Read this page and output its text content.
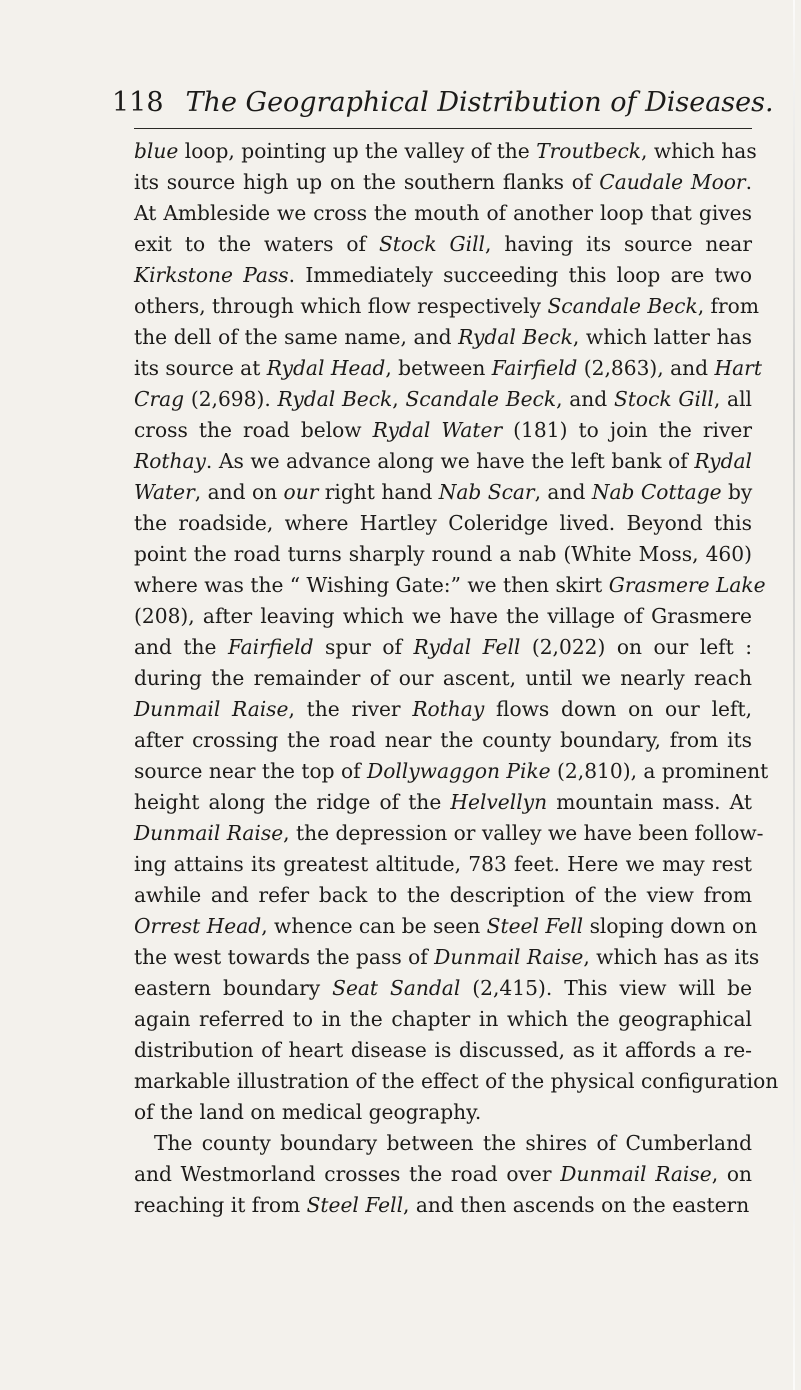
118 The Geographical Distribution of Diseases.
blue loop, pointing up the valley of the Troutbeck, which has
its source high up on the southern flanks of Caudale Moor.
At Ambleside we cross the mouth of another loop that gives
exit to the waters of Stock Gill, having its source near
Kirkstone Pass. Immediately succeeding this loop are two
others, through which flow respectively Scandale Beck, from
the dell of the same name, and Rydal Beck, which latter has
its source at Rydal Head, between Fairfield (2,863), and Hart
Crag (2,698). Rydal Beck, Scandale Beck, and Stock Gill, all
cross the road below Rydal Water (181) to join the river
Rothay. As we advance along we have the left bank of Rydal
Water, and on our right hand Nab Scar, and Nab Cottage by
the roadside, where Hartley Coleridge lived. Beyond this
point the road turns sharply round a nab (White Moss, 460)
where was the “ Wishing Gate:” we then skirt Grasmere Lake
(208), after leaving which we have the village of Grasmere
and the Fairfield spur of Rydal Fell (2,022) on our left :
during the remainder of our ascent, until we nearly reach
Dunmail Raise, the river Rothay flows down on our left,
after crossing the road near the county boundary, from its
source near the top of Dollywaggon Pike (2,810), a prominent
height along the ridge of the Helvellyn mountain mass. At
Dunmail Raise, the depression or valley we have been follow-
ing attains its greatest altitude, 783 feet. Here we may rest
awhile and refer back to the description of the view from
Orrest Head, whence can be seen Steel Fell sloping down on
the west towards the pass of Dunmail Raise, which has as its
eastern boundary Seat Sandal (2,415). This view will be
again referred to in the chapter in which the geographical
distribution of heart disease is discussed, as it affords a re-
markable illustration of the effect of the physical configuration
of the land on medical geography.
The county boundary between the shires of Cumberland
and Westmorland crosses the road over Dunmail Raise, on
reaching it from Steel Fell, and then ascends on the eastern
